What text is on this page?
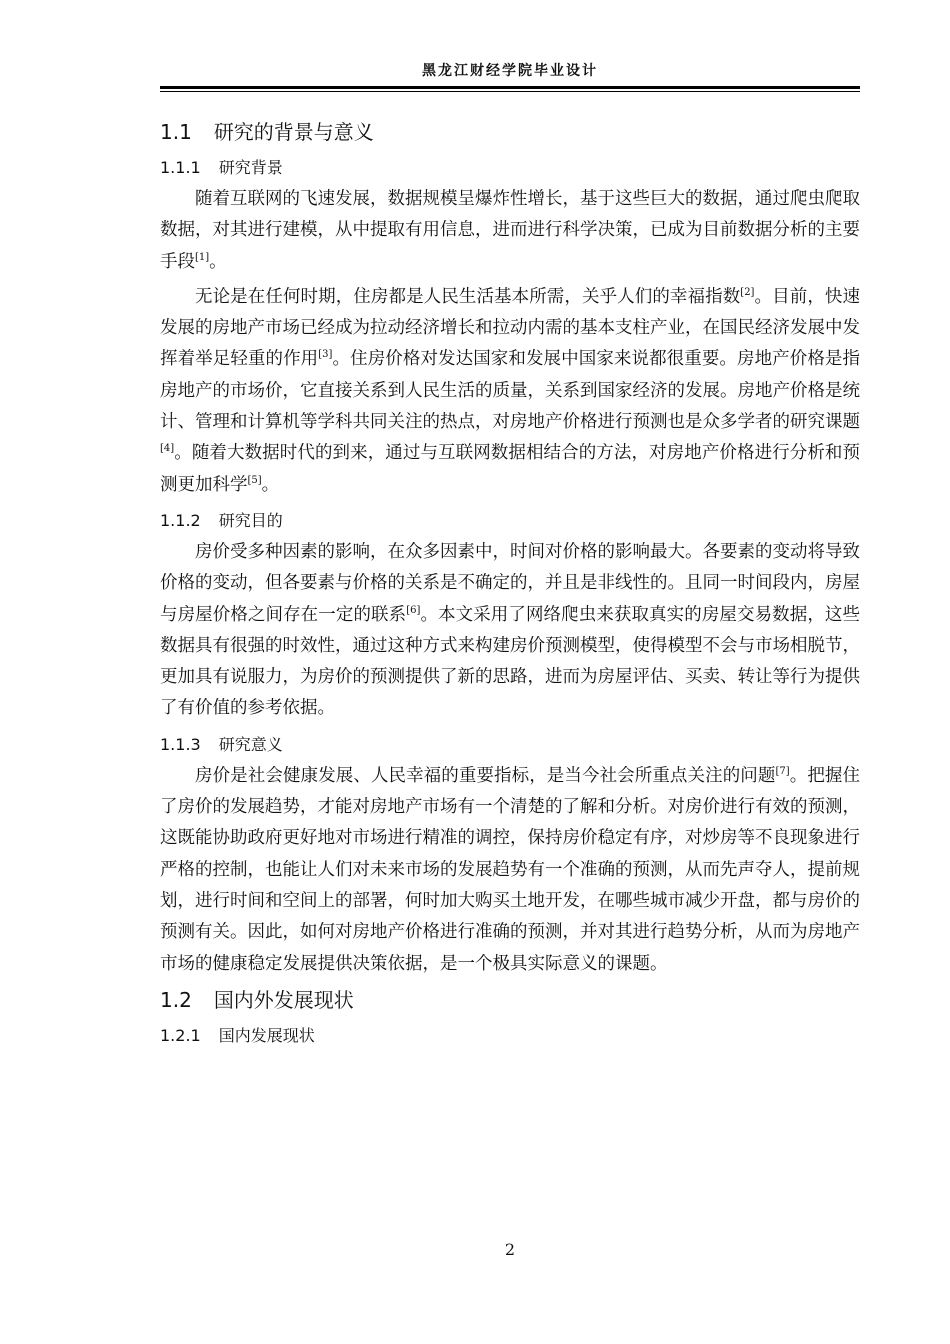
黑龙江财经学院毕业设计
1.1 研究的背景与意义
1.1.1 研究背景

随着互联网的飞速发展，数据规模呈爆炸性增长，基于这些巨大的数据，通过爬虫爬取数据，对其进行建模，从中提取有用信息，进而进行科学决策，已成为目前数据分析的主要手段[1]。

无论是在任何时期，住房都是人民生活基本所需，关乎人们的幸福指数[2]。目前，快速发展的房地产市场已经成为拉动经济增长和拉动内需的基本支柱产业，在国民经济发展中发挥着举足轻重的作用[3]。住房价格对发达国家和发展中国家来说都很重要。房地产价格是指房地产的市场价，它直接关系到人民生活的质量，关系到国家经济的发展。房地产价格是统计、管理和计算机等学科共同关注的热点，对房地产价格进行预测也是众多学者的研究课题[4]。随着大数据时代的到来，通过与互联网数据相结合的方法，对房地产价格进行分析和预测更加科学[5]。

1.1.2 研究目的

房价受多种因素的影响，在众多因素中，时间对价格的影响最大。各要素的变动将导致价格的变动，但各要素与价格的关系是不确定的，并且是非线性的。且同一时间段内，房屋与房屋价格之间存在一定的联系[6]。本文采用了网络爬虫来获取真实的房屋交易数据，这些数据具有很强的时效性，通过这种方式来构建房价预测模型，使得模型不会与市场相脱节，更加具有说服力，为房价的预测提供了新的思路，进而为房屋评估、买卖、转让等行为提供了有价值的参考依据。

1.1.3 研究意义

房价是社会健康发展、人民幸福的重要指标，是当今社会所重点关注的问题[7]。把握住了房价的发展趋势，才能对房地产市场有一个清楚的了解和分析。对房价进行有效的预测，这既能协助政府更好地对市场进行精准的调控，保持房价稳定有序，对炒房等不良现象进行严格的控制，也能让人们对未来市场的发展趋势有一个准确的预测，从而先声夺人，提前规划，进行时间和空间上的部署，何时加大购买土地开发，在哪些城市减少开盘，都与房价的预测有关。因此，如何对房地产价格进行准确的预测，并对其进行趋势分析，从而为房地产市场的健康稳定发展提供决策依据，是一个极具实际意义的课题。

1.2 国内外发展现状
1.2.1 国内发展现状
2
